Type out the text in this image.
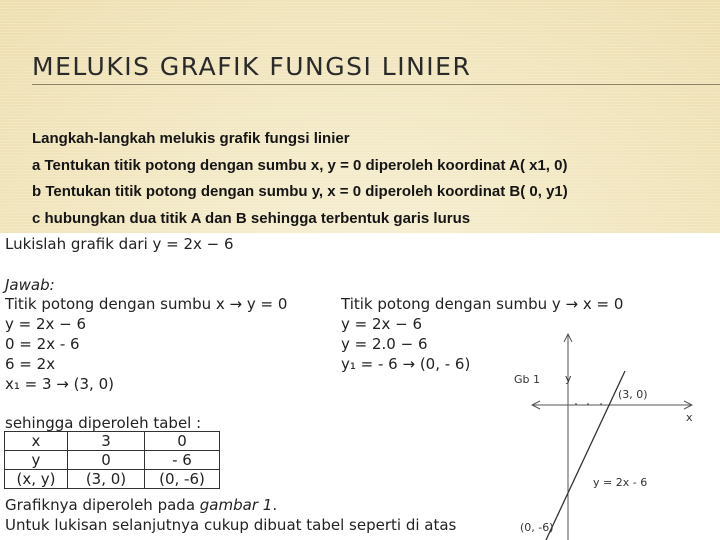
MELUKIS GRAFIK FUNGSI LINIER
Langkah-langkah melukis grafik fungsi linier
a Tentukan titik potong dengan sumbu x, y = 0 diperoleh koordinat A( x1, 0)
b Tentukan titik potong dengan sumbu y, x = 0 diperoleh koordinat B( 0, y1)
c hubungkan dua titik A dan B sehingga terbentuk garis lurus
Lukislah grafik dari y = 2x − 6
Jawab:
Titik potong dengan sumbu x → y = 0
y = 2x − 6
0 = 2x - 6
6 = 2x
x₁ = 3 → (3, 0)
Titik potong dengan sumbu y → x = 0
y = 2x − 6
y = 2.0 − 6
y₁ = - 6 → (0, - 6)
sehingga diperoleh tabel :
x	3	0
y	0	- 6
(x, y)	(3, 0)	(0, -6)
Grafiknya diperoleh pada gambar 1.
Untuk lukisan selanjutnya cukup dibuat tabel seperti di atas
Gb 1 y
x
(3, 0)
y = 2x - 6
(0, -6)
